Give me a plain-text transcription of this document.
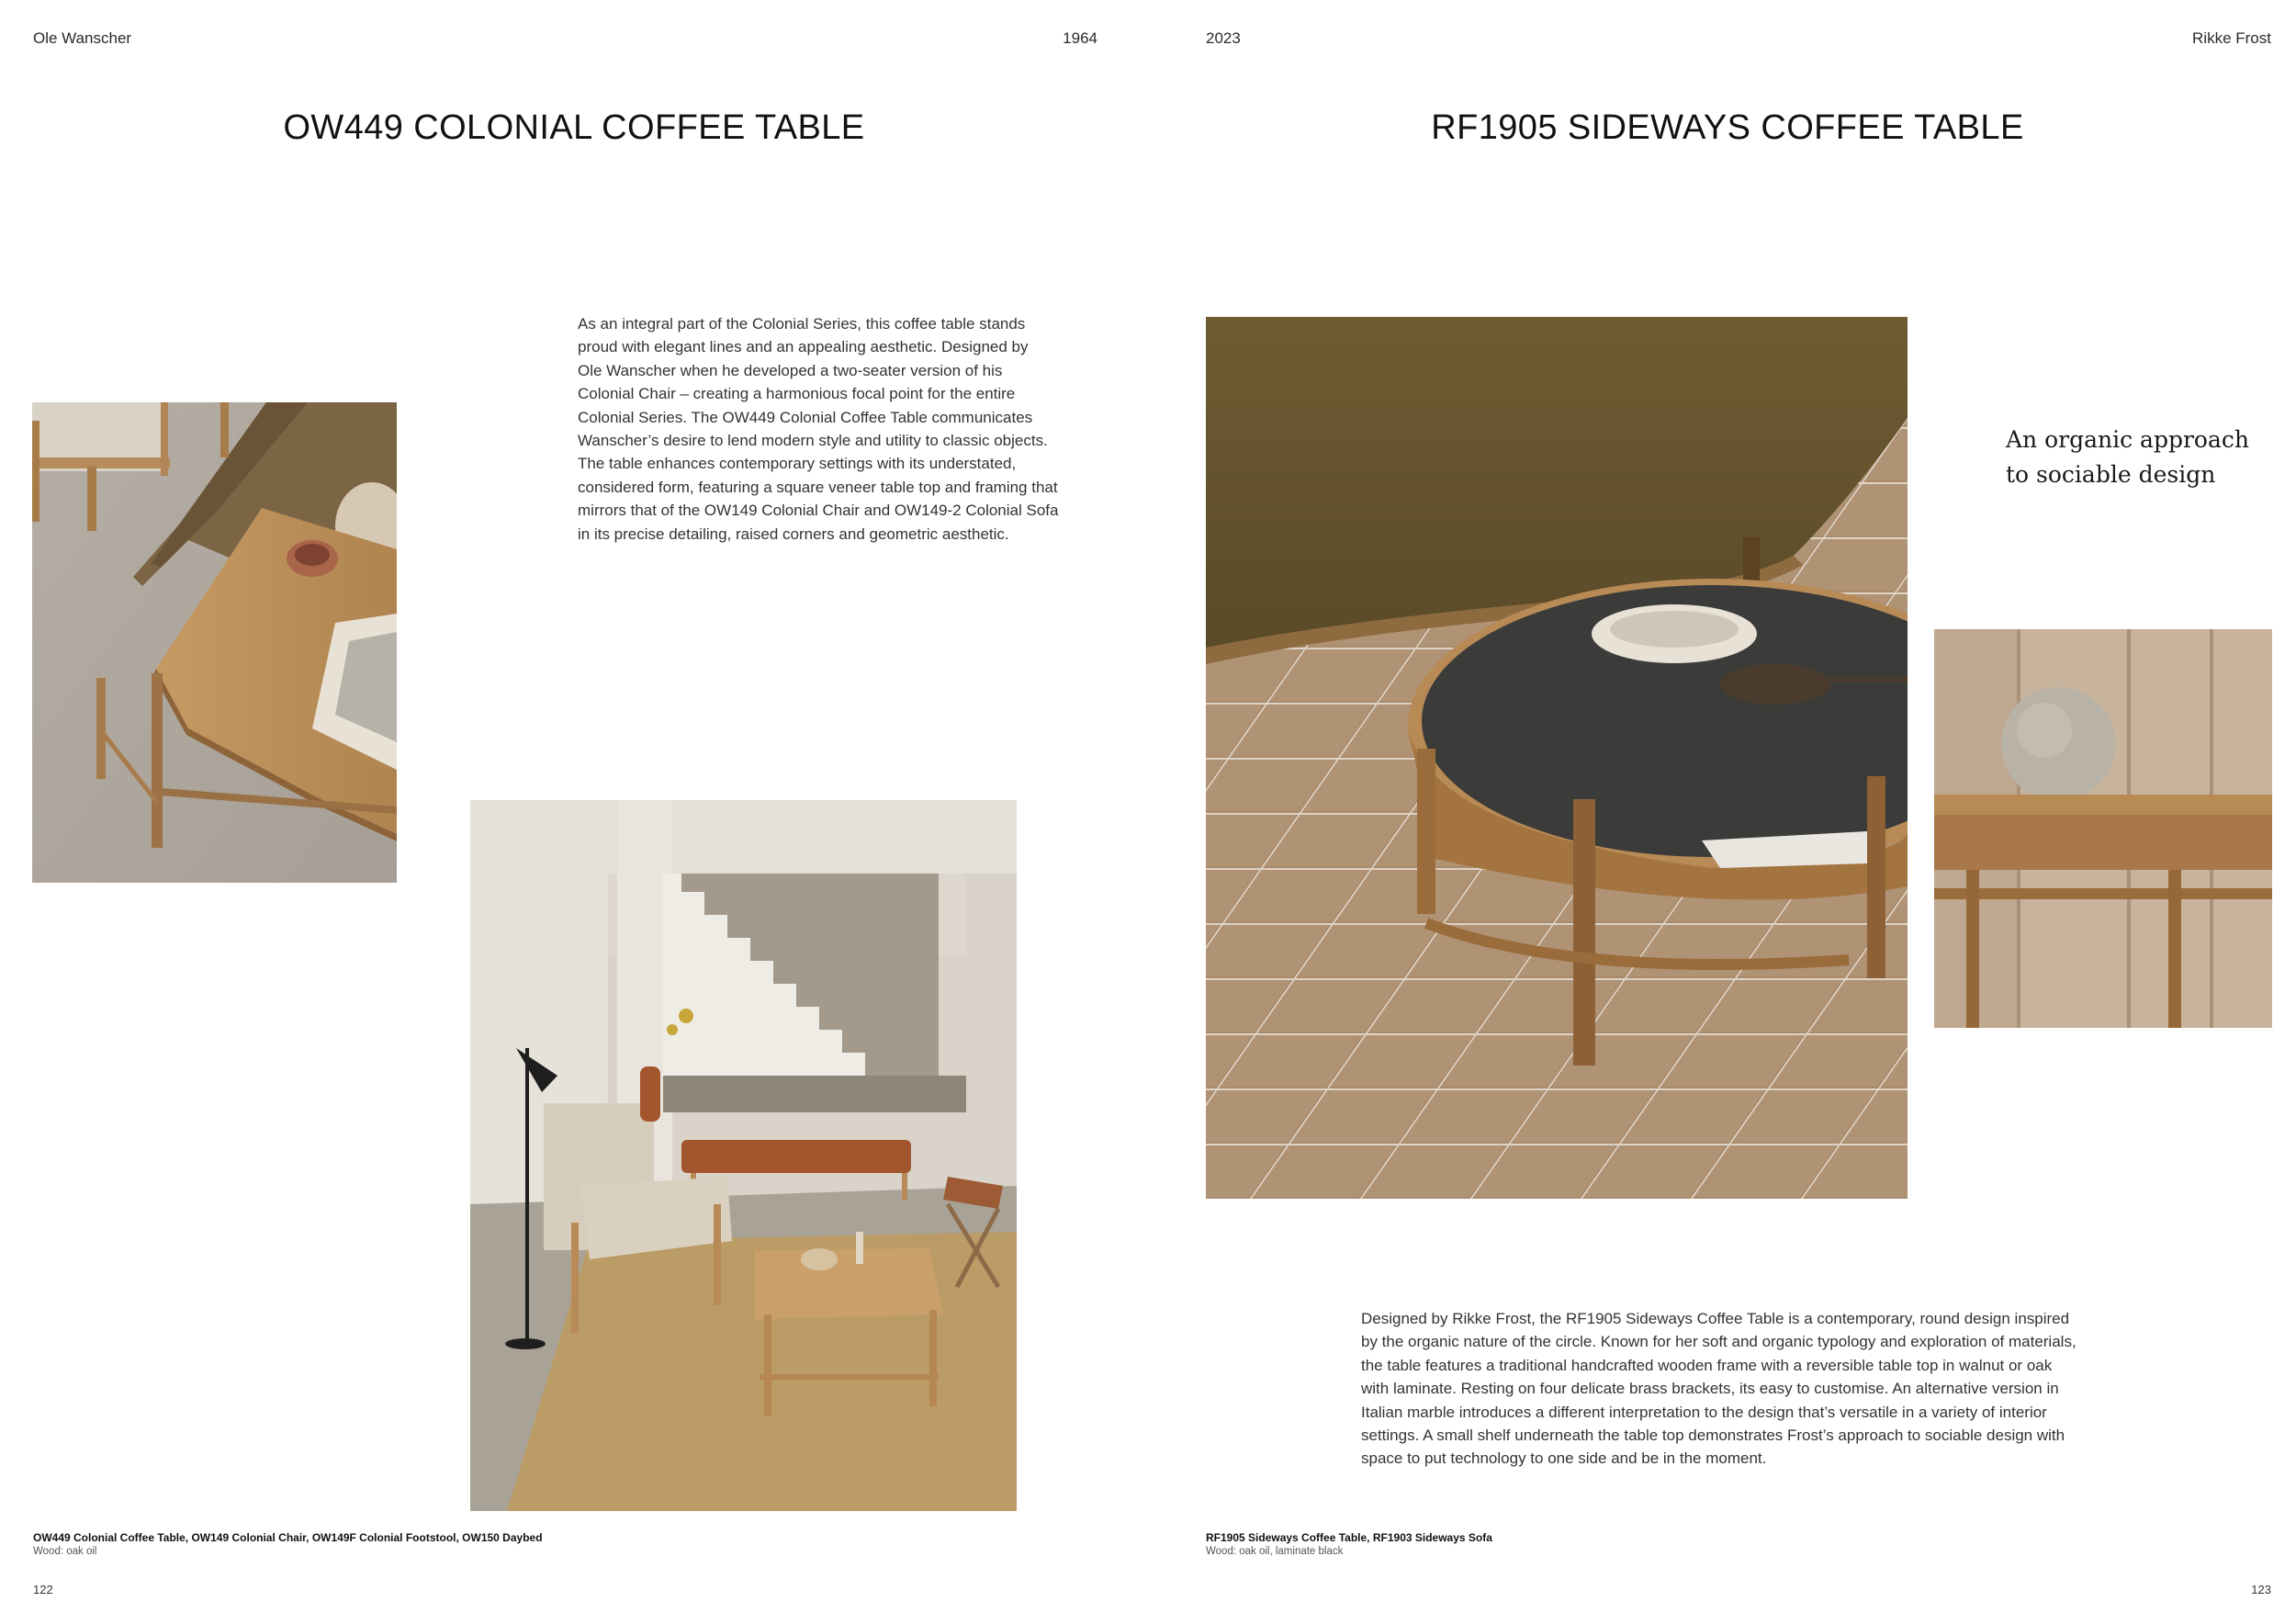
Ole Wanscher	1964
OW449 COLONIAL COFFEE TABLE

As an integral part of the Colonial Series, this coffee table stands

proud with elegant lines and an appealing aesthetic. Designed by

Ole Wanscher when he developed a two-seater version of his

Colonial Chair – creating a harmonious focal point for the entire

Colonial Series. The OW449 Colonial Coffee Table communicates

Wanscher’s desire to lend modern style and utility to classic objects.

The table enhances contemporary settings with its understated,

considered form, featuring a square veneer table top and framing that

mirrors that of the OW149 Colonial Chair and OW149-2 Colonial Sofa

in its precise detailing, raised corners and geometric aesthetic.

OW449 Colonial Coffee Table, OW149 Colonial Chair, OW149F Colonial Footstool, OW150 Daybed
Wood: oak oil
122
2023	Rikke Frost
RF1905 SIDEWAYS COFFEE TABLE

An organic approach

to sociable design

Designed by Rikke Frost, the RF1905 Sideways Coffee Table is a contemporary, round design inspired

by the organic nature of the circle. Known for her soft and organic typology and exploration of materials,

the table features a traditional handcrafted wooden frame with a reversible table top in walnut or oak

with laminate. Resting on four delicate brass brackets, its easy to customise. An alternative version in

Italian marble introduces a different interpretation to the design that’s versatile in a variety of interior

settings. A small shelf underneath the table top demonstrates Frost’s approach to sociable design with

space to put technology to one side and be in the moment.

RF1905 Sideways Coffee Table, RF1903 Sideways Sofa
Wood: oak oil, laminate black
123
